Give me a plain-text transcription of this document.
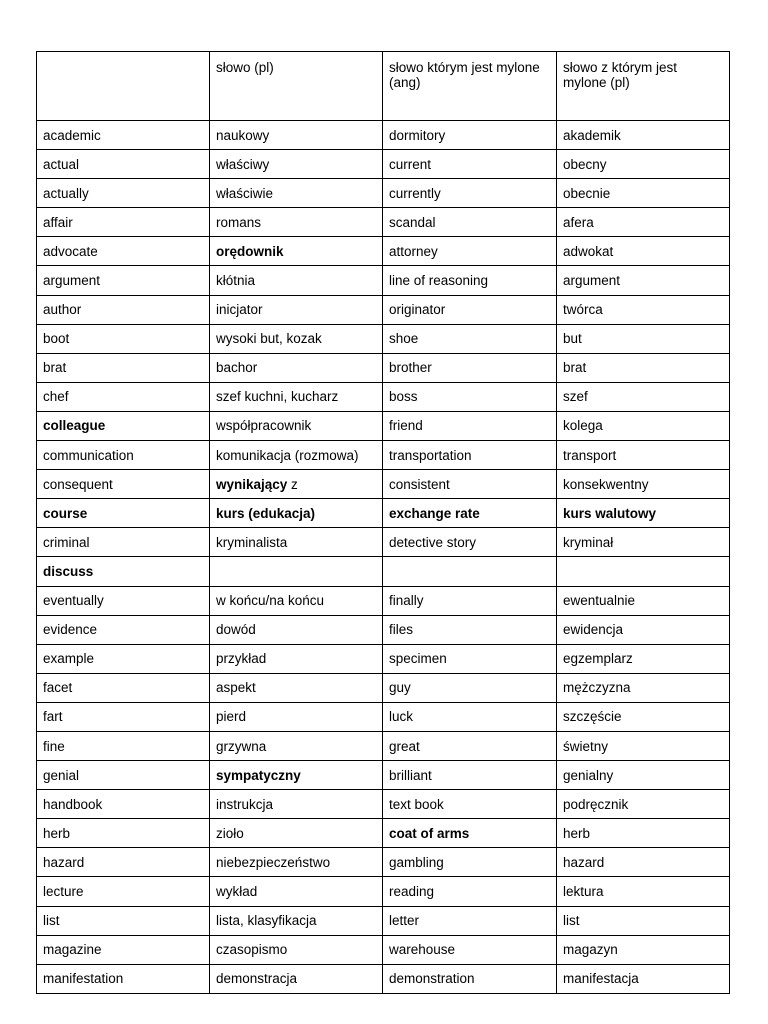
	słowo (pl)	słowo którym jest mylone (ang)	słowo z którym jest mylone (pl)
academic	naukowy	dormitory	akademik
actual	właściwy	current	obecny
actually	właściwie	currently	obecnie
affair	romans	scandal	afera
advocate	orędownik	attorney	adwokat
argument	kłótnia	line of reasoning	argument
author	inicjator	originator	twórca
boot	wysoki but, kozak	shoe	but
brat	bachor	brother	brat
chef	szef kuchni, kucharz	boss	szef
colleague	współpracownik	friend	kolega
communication	komunikacja (rozmowa)	transportation	transport
consequent	wynikający z	consistent	konsekwentny
course	kurs (edukacja)	exchange rate	kurs walutowy
criminal	kryminalista	detective story	kryminał
discuss			
eventually	w końcu/na końcu	finally	ewentualnie
evidence	dowód	files	ewidencja
example	przykład	specimen	egzemplarz
facet	aspekt	guy	mężczyzna
fart	pierd	luck	szczęście
fine	grzywna	great	świetny
genial	sympatyczny	brilliant	genialny
handbook	instrukcja	text book	podręcznik
herb	zioło	coat of arms	herb
hazard	niebezpieczeństwo	gambling	hazard
lecture	wykład	reading	lektura
list	lista, klasyfikacja	letter	list
magazine	czasopismo	warehouse	magazyn
manifestation	demonstracja	demonstration	manifestacja
